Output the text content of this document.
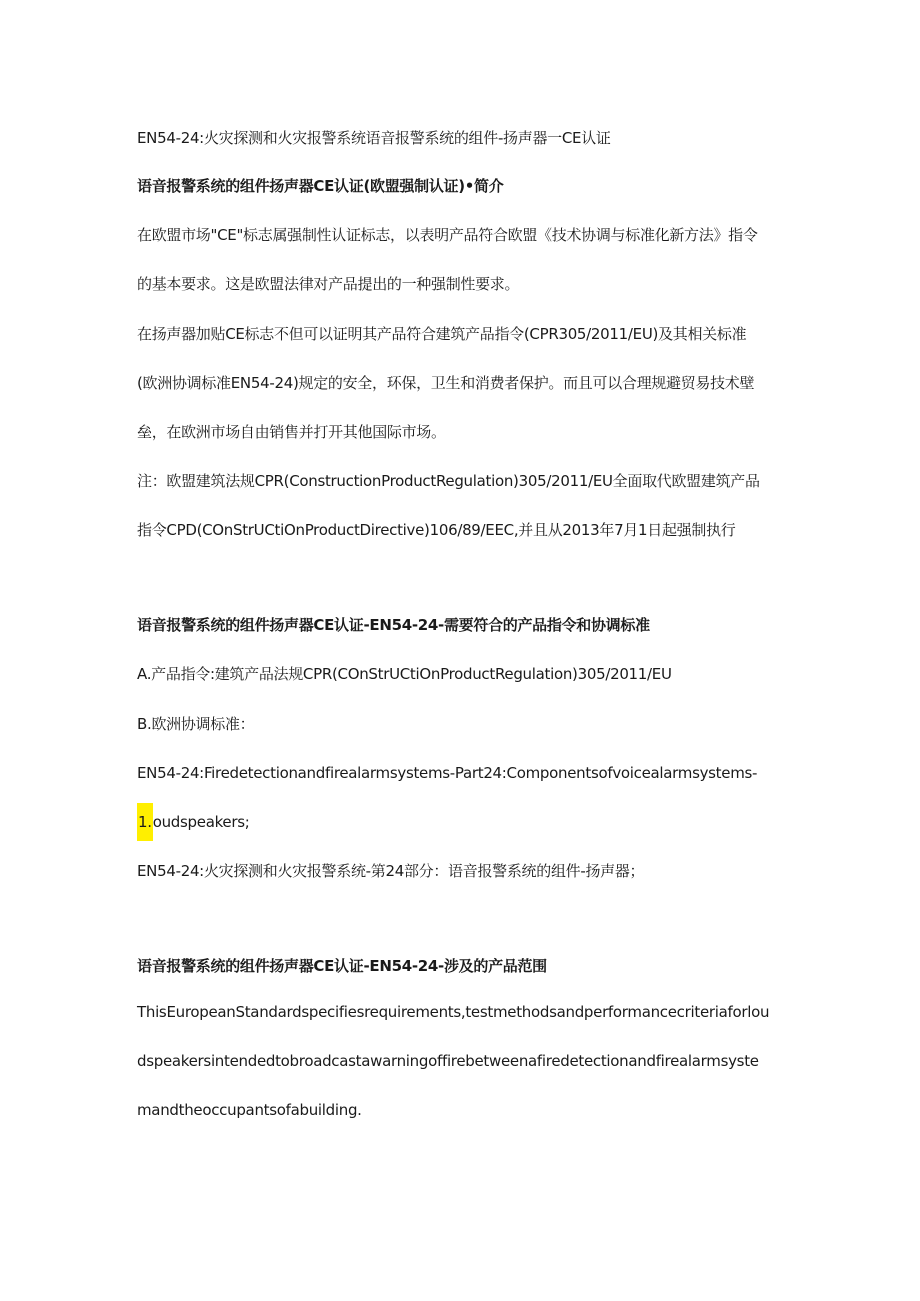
EN54-24:火灾探测和火灾报警系统语音报警系统的组件-扬声器一CE认证
语音报警系统的组件扬声器CE认证(欧盟强制认证)•简介
在欧盟市场"CE"标志属强制性认证标志，以表明产品符合欧盟《技术协调与标准化新方法》指令
的基本要求。这是欧盟法律对产品提出的一种强制性要求。
在扬声器加贴CE标志不但可以证明其产品符合建筑产品指令(CPR305/2011/EU)及其相关标准
(欧洲协调标准EN54-24)规定的安全，环保，卫生和消费者保护。而且可以合理规避贸易技术壁
垒，在欧洲市场自由销售并打开其他国际市场。
注：欧盟建筑法规CPR(ConstructionProductRegulation)305/2011/EU全面取代欧盟建筑产品
指令CPD(COnStrUCtiOnProductDirective)106/89/EEC,并且从2013年7月1日起强制执行
语音报警系统的组件扬声器CE认证-EN54-24-需要符合的产品指令和协调标准
A.产品指令:建筑产品法规CPR(COnStrUCtiOnProductRegulation)305/2011/EU
B.欧洲协调标准：
EN54-24:Firedetectionandfirealarmsystems-Part24:Componentsofvoicealarmsystems-
1.oudspeakers;
EN54-24:火灾探测和火灾报警系统-第24部分：语音报警系统的组件-扬声器；
语音报警系统的组件扬声器CE认证-EN54-24-涉及的产品范围
ThisEuropeanStandardspecifiesrequirements,testmethodsandperformancecriteriaforlou
dspeakersintendedtobroadcastawarningoffirebetweenafiredetectionandfirealarmsyste
mandtheoccupantsofabuilding.
